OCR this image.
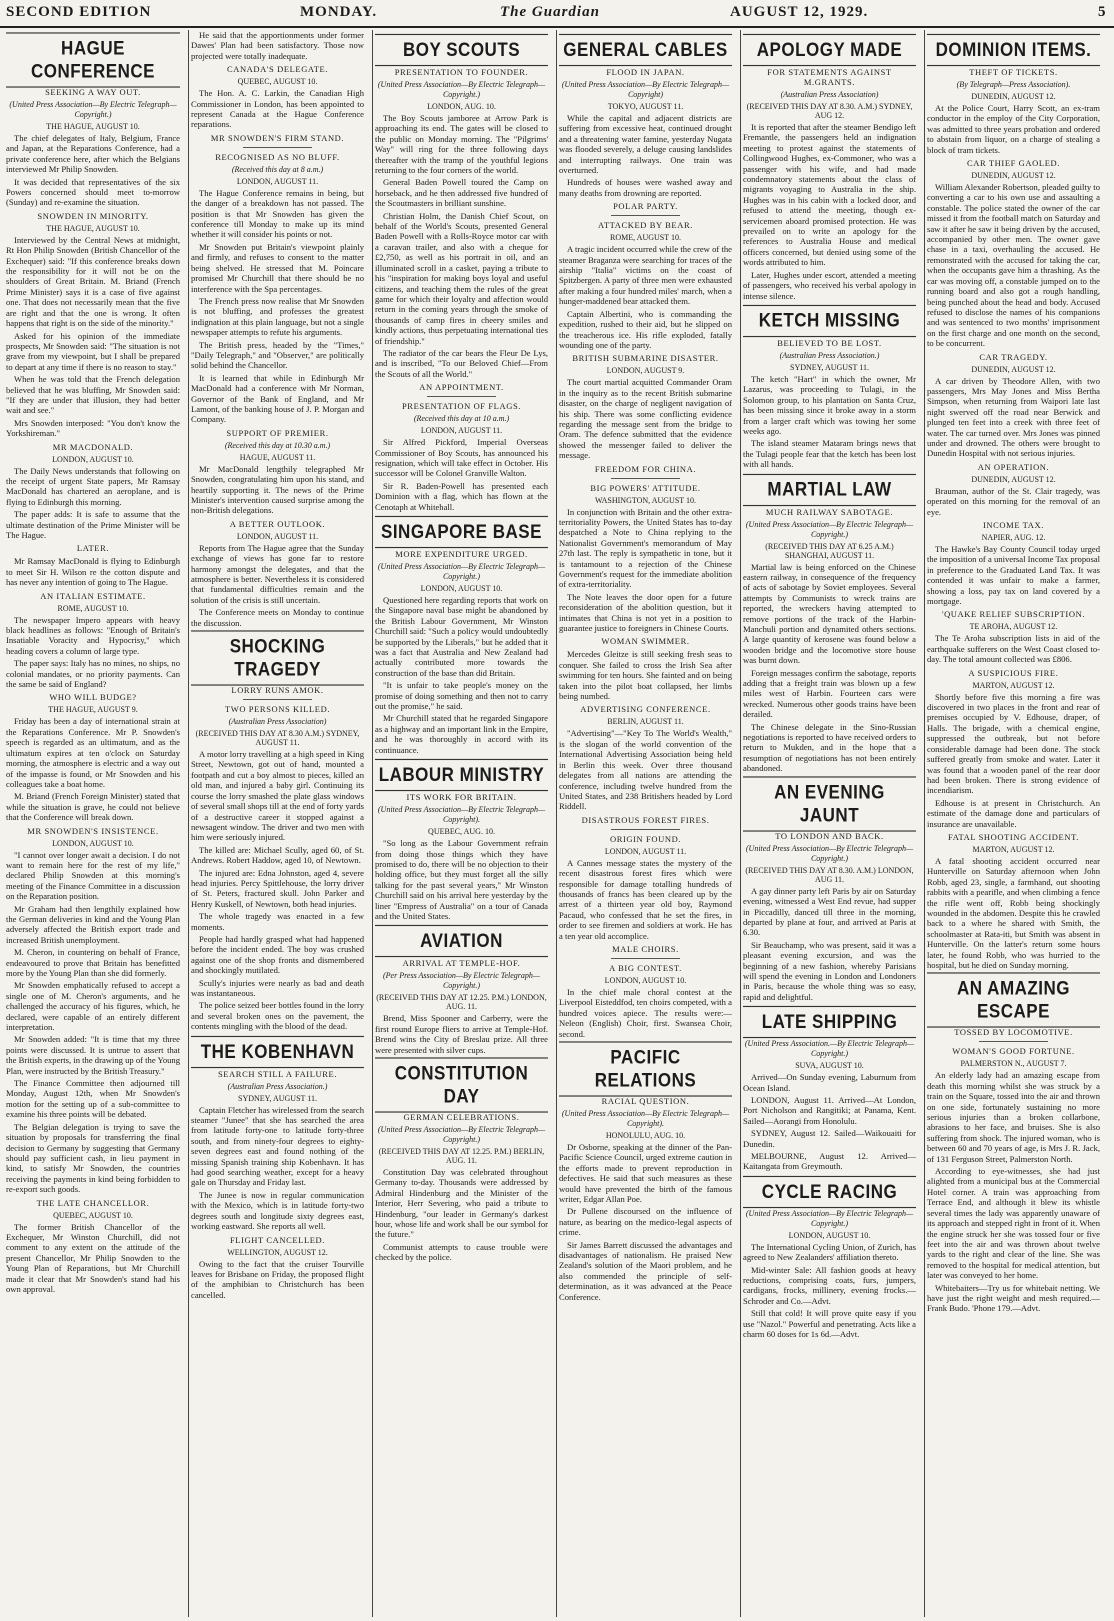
SECOND EDITION	MONDAY.	The Guardian	AUGUST 12, 1929.	5
HAGUE CONFERENCE
SEEKING A WAY OUT.
(United Press Association—By Electric Telegraph—Copyright.)
THE HAGUE, AUGUST 10.

The chief delegates of Italy, Belgium, France and Japan, at the Reparations Conference, had a private conference here, after which the Belgians interviewed Mr Philip Snowden.

It was decided that representatives of the six Powers concerned should meet to-morrow (Sunday) and re-examine the situation.

SNOWDEN IN MINORITY.
THE HAGUE, AUGUST 10.

Interviewed by the Central News at midnight, Rt Hon Philip Snowden (British Chancellor of the Exchequer) said: "If this conference breaks down the responsibility for it will not be on the shoulders of Great Britain. M. Briand (French Prime Minister) says it is a case of five against one. That does not necessarily mean that the five are right and that the one is wrong. It often happens that right is on the side of the minority."

Asked for his opinion of the immediate prospects, Mr Snowden said: "The situation is not grave from my viewpoint, but I shall be prepared to depart at any time if there is no reason to stay."

When he was told that the French delegation believed that he was bluffing, Mr Snowden said: "If they are under that illusion, they had better wait and see."

Mrs Snowden interposed: "You don't know the Yorkshireman."

MR MACDONALD.
LONDON, AUGUST 10.

The Daily News understands that following on the receipt of urgent State papers, Mr Ramsay MacDonald has chartered an aeroplane, and is flying to Edinburgh this morning.

The paper adds: It is safe to assume that the ultimate destination of the Prime Minister will be The Hague.

LATER.

Mr Ramsay MacDonald is flying to Edinburgh to meet Sir H. Wilson re the cotton dispute and has never any intention of going to The Hague.

AN ITALIAN ESTIMATE.
ROME, AUGUST 10.

The newspaper Impero appears with heavy black headlines as follows: "Enough of Britain's Insatiable Voracity and Hypocrisy," which heading covers a column of large type.

The paper says: Italy has no mines, no ships, no colonial mandates, or no priority payments. Can the same be said of England?

WHO WILL BUDGE?
THE HAGUE, AUGUST 9.

Friday has been a day of international strain at the Reparations Conference. Mr P. Snowden's speech is regarded as an ultimatum, and as the ultimatum expires at ten o'clock on Saturday morning, the atmosphere is electric and a way out of the impasse is found, or Mr Snowden and his colleagues take a boat home.

M. Briand (French Foreign Minister) stated that while the situation is grave, he could not believe that the Conference will break down.

MR SNOWDEN'S INSISTENCE.
LONDON, AUGUST 10.

"I cannot over longer await a decision. I do not want to remain here for the rest of my life," declared Philip Snowden at this morning's meeting of the Finance Committee in a discussion on the Reparation position.

Mr Graham had then lengthily explained how the German deliveries in kind and the Young Plan adversely affected the British export trade and increased British unemployment.

M. Cheron, in countering on behalf of France, endeavoured to prove that Britain has benefitted more by the Young Plan than she did formerly.

Mr Snowden emphatically refused to accept a single one of M. Cheron's arguments, and he challenged the accuracy of his figures, which, he declared, were capable of an entirely different interpretation.

Mr Snowden added: "It is time that my three points were discussed. It is untrue to assert that the British experts, in the drawing up of the Young Plan, were instructed by the British Treasury."

The Finance Committee then adjourned till Monday, August 12th, when Mr Snowden's motion for the setting up of a sub-committee to examine his three points will be debated.

The Belgian delegation is trying to save the situation by proposals for transferring the final decision to Germany by suggesting that Germany should pay sufficient cash, in lieu payment in kind, to satisfy Mr Snowden, the countries receiving the payments in kind being forbidden to re-export such goods.

THE LATE CHANCELLOR.
QUEBEC, AUGUST 10.

The former British Chancellor of the Exchequer, Mr Winston Churchill, did not comment to any extent on the attitude of the present Chancellor, Mr Philip Snowden to the Young Plan of Reparations, but Mr Churchill made it clear that Mr Snowden's stand had his own approval.

He said that the apportionments under former Dawes' Plan had been satisfactory. Those now projected were totally inadequate.

CANADA'S DELEGATE.
QUEBEC, AUGUST 10.

The Hon. A. C. Larkin, the Canadian High Commissioner in London, has been appointed to represent Canada at the Hague Conference reparations.

MR SNOWDEN'S FIRM STAND.
RECOGNISED AS NO BLUFF.
(Received this day at 8 a.m.)
LONDON, AUGUST 11.

The Hague Conference remains in being, but the danger of a breakdown has not passed. The position is that Mr Snowden has given the conference till Monday to make up its mind whether it will consider his points or not.

Mr Snowden put Britain's viewpoint plainly and firmly, and refuses to consent to the matter being shelved. He stressed that M. Poincare promised Mr Churchill that there should be no interference with the Spa percentages.

The French press now realise that Mr Snowden is not bluffing, and professes the greatest indignation at this plain language, but not a single newspaper attempts to refute his arguments.

The British press, headed by the "Times," "Daily Telegraph," and "Observer," are politically solid behind the Chancellor.

It is learned that while in Edinburgh Mr MacDonald had a conference with Mr Norman, Governor of the Bank of England, and Mr Lamont, of the banking house of J. P. Morgan and Company.

SUPPORT OF PREMIER.
(Received this day at 10.30 a.m.)
HAGUE, AUGUST 11.

Mr MacDonald lengthily telegraphed Mr Snowden, congratulating him upon his stand, and heartily supporting it. The news of the Prime Minister's intervention caused surprise among the non-British delegations.

A BETTER OUTLOOK.
LONDON, AUGUST 11.

Reports from The Hague agree that the Sunday exchange of views has gone far to restore harmony amongst the delegates, and that the atmosphere is better. Nevertheless it is considered that fundamental difficulties remain and the solution of the crisis is still uncertain.

The Conference meets on Monday to continue the discussion.

SHOCKING TRAGEDY
LORRY RUNS AMOK.
TWO PERSONS KILLED.
(Australian Press Association)
(RECEIVED THIS DAY AT 8.30 A.M.) SYDNEY, AUGUST 11.

A motor lorry travelling at a high speed in King Street, Newtown, got out of hand, mounted a footpath and cut a boy almost to pieces, killed an old man, and injured a baby girl. Continuing its course the lorry smashed the plate glass windows of several small shops till at the end of forty yards of a destructive career it stopped against a newsagent window. The driver and two men with him were seriously injured.

The killed are: Michael Scully, aged 60, of St. Andrews. Robert Haddow, aged 10, of Newtown.

The injured are: Edna Johnston, aged 4, severe head injuries. Percy Spittlehouse, the lorry driver of St. Peters, fractured skull. John Parker and Henry Kuskell, of Newtown, both head injuries.

The whole tragedy was enacted in a few moments.

People had hardly grasped what had happened before the incident ended. The boy was crushed against one of the shop fronts and dismembered and shockingly mutilated.

Scully's injuries were nearly as bad and death was instantaneous.

The police seized beer bottles found in the lorry and several broken ones on the pavement, the contents mingling with the blood of the dead.

THE KOBENHAVN
SEARCH STILL A FAILURE.
(Australian Press Association.)
SYDNEY, AUGUST 11.

Captain Fletcher has wirelessed from the search steamer "Junee" that she has searched the area from latitude forty-one to latitude forty-three south, and from ninety-four degrees to eighty-seven degrees east and found nothing of the missing Spanish training ship Kobenhavn. It has had good searching weather, except for a heavy gale on Thursday and Friday last.

The Junee is now in regular communication with the Mexico, which is in latitude forty-two degrees south and longitude sixty degrees east, working eastward. She reports all well.

FLIGHT CANCELLED.
WELLINGTON, AUGUST 12.

Owing to the fact that the cruiser Tourville leaves for Brisbane on Friday, the proposed flight of the amphibian to Christchurch has been cancelled.

BOY SCOUTS
PRESENTATION TO FOUNDER.
(United Press Association—By Electric Telegraph—Copyright.)
LONDON, AUG. 10.

The Boy Scouts jamboree at Arrow Park is approaching its end. The gates will be closed to the public on Monday morning. The "Pilgrims' Way" will ring for the three following days thereafter with the tramp of the youthful legions returning to the four corners of the world.

General Baden Powell toured the Camp on horseback, and he then addressed five hundred of the Scoutmasters in brilliant sunshine.

Christian Holm, the Danish Chief Scout, on behalf of the World's Scouts, presented General Baden Powell with a Rolls-Royce motor car with a caravan trailer, and also with a cheque for £2,750, as well as his portrait in oil, and an illuminated scroll in a casket, paying a tribute to his "inspiration for making boys loyal and useful citizens, and teaching them the rules of the great game for which their loyalty and affection would return in the coming years through the smoke of thousands of camp fires in cheery smiles and kindly actions, thus perpetuating international ties of friendship."

The radiator of the car bears the Fleur De Lys, and is inscribed, "To our Beloved Chief—From the Scouts of all the World."

AN APPOINTMENT.
PRESENTATION OF FLAGS.
(Received this day at 10 a.m.)
LONDON, AUGUST 11.

Sir Alfred Pickford, Imperial Overseas Commissioner of Boy Scouts, has announced his resignation, which will take effect in October. His successor will be Colonel Granville Walton.

Sir R. Baden-Powell has presented each Dominion with a flag, which has flown at the Cenotaph at Whitehall.

SINGAPORE BASE
MORE EXPENDITURE URGED.
(United Press Association—By Electric Telegraph—Copyright.)
LONDON, AUGUST 10.

Questioned here regarding reports that work on the Singapore naval base might be abandoned by the British Labour Government, Mr Winston Churchill said: "Such a policy would undoubtedly be supported by the Liberals," but he added that it was a fact that Australia and New Zealand had actually contributed more towards the construction of the base than did Britain.

"It is unfair to take people's money on the promise of doing something and then not to carry out the promise," he said.

Mr Churchill stated that he regarded Singapore as a highway and an important link in the Empire, and he was thoroughly in accord with its continuance.

LABOUR MINISTRY
ITS WORK FOR BRITAIN.
(United Press Association—By Electric Telegraph—Copyright).
QUEBEC, AUG. 10.

"So long as the Labour Government refrain from doing those things which they have promised to do, there will be no objection to their holding office, but they must forget all the silly talking for the past several years," Mr Winston Churchill said on his arrival here yesterday by the liner "Empress of Australia" on a tour of Canada and the United States.

AVIATION
ARRIVAL AT TEMPLE-HOF.
(Per Press Association—By Electric Telegraph—Copyright.)
(RECEIVED THIS DAY AT 12.25. P.M.) LONDON, AUG. 11.

Brend, Miss Spooner and Carberry, were the first round Europe fliers to arrive at Temple-Hof. Brend wins the City of Breslau prize. All three were presented with silver cups.

CONSTITUTION DAY
GERMAN CELEBRATIONS.
(United Press Association—By Electric Telegraph—Copyright.)
(RECEIVED THIS DAY AT 12.25. P.M.) BERLIN, AUG. 11.

Constitution Day was celebrated throughout Germany to-day. Thousands were addressed by Admiral Hindenburg and the Minister of the Interior, Herr Severing, who paid a tribute to Hindenburg, "our leader in Germany's darkest hour, whose life and work shall be our symbol for the future."

Communist attempts to cause trouble were checked by the police.

GENERAL CABLES
FLOOD IN JAPAN.
(United Press Association—By Electric Telegraph—Copyright)
TOKYO, AUGUST 11.

While the capital and adjacent districts are suffering from excessive heat, continued drought and a threatening water famine, yesterday Nugata was flooded severely, a deluge causing landslides and interrupting railways. One train was overturned.

Hundreds of houses were washed away and many deaths from drowning are reported.

POLAR PARTY.
ATTACKED BY BEAR.
ROME, AUGUST 10.

A tragic incident occurred while the crew of the steamer Braganza were searching for traces of the airship "Italia" victims on the coast of Spitzbergen. A party of three men were exhausted after making a four hundred miles' march, when a hunger-maddened bear attacked them.

Captain Albertini, who is commanding the expedition, rushed to their aid, but he slipped on the treacherous ice. His rifle exploded, fatally wounding one of the party.

BRITISH SUBMARINE DISASTER.
LONDON, AUGUST 9.

The court martial acquitted Commander Oram in the inquiry as to the recent British submarine disaster, on the charge of negligent navigation of his ship. There was some conflicting evidence regarding the message sent from the bridge to Oram. The defence submitted that the evidence showed the messenger failed to deliver the message.

FREEDOM FOR CHINA.
BIG POWERS' ATTITUDE.
WASHINGTON, AUGUST 10.

In conjunction with Britain and the other extra-territoriality Powers, the United States has to-day despatched a Note to China replying to the Nationalist Government's memorandum of May 27th last. The reply is sympathetic in tone, but it is tantamount to a rejection of the Chinese Government's request for the immediate abolition of extra-territoriality.

The Note leaves the door open for a future reconsideration of the abolition question, but it intimates that China is not yet in a position to guarantee justice to foreigners in Chinese Courts.

WOMAN SWIMMER.

Mercedes Gleitze is still seeking fresh seas to conquer. She failed to cross the Irish Sea after swimming for ten hours. She fainted and on being taken into the pilot boat collapsed, her limbs being numbed.

ADVERTISING CONFERENCE.
BERLIN, AUGUST 11.

"Advertising"—"Key To The World's Wealth," is the slogan of the world convention of the International Advertising Association being held in Berlin this week. Over three thousand delegates from all nations are attending the conference, including twelve hundred from the United States, and 238 Britishers headed by Lord Riddell.

DISASTROUS FOREST FIRES.
ORIGIN FOUND.
LONDON, AUGUST 11.

A Cannes message states the mystery of the recent disastrous forest fires which were responsible for damage totalling hundreds of thousands of francs has been cleared up by the arrest of a thirteen year old boy, Raymond Pacaud, who confessed that he set the fires, in order to see firemen and soldiers at work. He has a ten year old accomplice.

MALE CHOIRS.
A BIG CONTEST.
LONDON, AUGUST 10.

In the chief male choral contest at the Liverpool Eisteddfod, ten choirs competed, with a hundred voices apiece. The results were:—Neleon (English) Choir, first. Swansea Choir, second.

PACIFIC RELATIONS
RACIAL QUESTION.
(United Press Association—By Electric Telegraph—Copyright).
HONOLULU, AUG. 10.

Dr Osborne, speaking at the dinner of the Pan-Pacific Science Council, urged extreme caution in the efforts made to prevent reproduction in defectives. He said that such measures as these would have prevented the birth of the famous writer, Edgar Allan Poe.

Dr Pullene discoursed on the influence of nature, as bearing on the medico-legal aspects of crime.

Sir James Barrett discussed the advantages and disadvantages of nationalism. He praised New Zealand's solution of the Maori problem, and he also commended the principle of self-determination, as it was advanced at the Peace Conference.

APOLOGY MADE
FOR STATEMENTS AGAINST M.GRANTS.
(Australian Press Association)
(RECEIVED THIS DAY AT 8.30. A.M.) SYDNEY, AUG 12.

It is reported that after the steamer Bendigo left Fremantle, the passengers held an indignation meeting to protest against the statements of Collingwood Hughes, ex-Commoner, who was a passenger with his wife, and had made condemnatory statements about the class of migrants voyaging to Australia in the ship. Hughes was in his cabin with a locked door, and refused to attend the meeting, though ex-servicemen aboard promised protection. He was prevailed on to write an apology for the references to Australia House and medical officers concerned, but denied using some of the words attributed to him.

Later, Hughes under escort, attended a meeting of passengers, who received his verbal apology in intense silence.

KETCH MISSING
BELIEVED TO BE LOST.
(Australian Press Association.)
SYDNEY, AUGUST 11.

The ketch "Hart" in which the owner, Mr Lazarus, was proceeding to Tulagi, in the Solomon group, to his plantation on Santa Cruz, has been missing since it broke away in a storm from a larger craft which was towing her some weeks ago.

The island steamer Mataram brings news that the Tulagi people fear that the ketch has been lost with all hands.

MARTIAL LAW
MUCH RAILWAY SABOTAGE.
(United Press Association—By Electric Telegraph—Copyright.)
(RECEIVED THIS DAY AT 6.25 A.M.) SHANGHAI, AUGUST 11.

Martial law is being enforced on the Chinese eastern railway, in consequence of the frequency of acts of sabotage by Soviet employees. Several attempts by Communists to wreck trains are reported, the wreckers having attempted to remove portions of the track of the Harbin-Manchuli portion and dynamited others sections. A large quantity of kerosene was found below a wooden bridge and the locomotive store house was burnt down.

Foreign messages confirm the sabotage, reports adding that a freight train was blown up a few miles west of Harbin. Fourteen cars were wrecked. Numerous other goods trains have been derailed.

The Chinese delegate in the Sino-Russian negotiations is reported to have received orders to return to Mukden, and in the hope that a resumption of negotiations has not been entirely abandoned.

AN EVENING JAUNT
TO LONDON AND BACK.
(United Press Association—By Electric Telegraph—Copyright.)
(RECEIVED THIS DAY AT 8.30. A.M.) LONDON, AUG 11.

A gay dinner party left Paris by air on Saturday evening, witnessed a West End revue, had supper in Piccadilly, danced till three in the morning, departed by plane at four, and arrived at Paris at 6.30.

Sir Beauchamp, who was present, said it was a pleasant evening excursion, and was the beginning of a new fashion, whereby Parisians will spend the evening in London and Londoners in Paris, because the whole thing was so easy, rapid and delightful.

LATE SHIPPING
(United Press Association.—By Electric Telegraph—Copyright.)
SUVA, AUGUST 10.

Arrived—On Sunday evening, Laburnum from Ocean Island.

LONDON, August 11. Arrived—At London, Port Nicholson and Rangitiki; at Panama, Kent. Sailed—Aorangi from Honolulu.

SYDNEY, August 12. Sailed—Waikouaiti for Dunedin.

MELBOURNE, August 12. Arrived—Kaitangata from Greymouth.

CYCLE RACING
(United Press Association—By Electric Telegraph—Copyright.)
LONDON, AUGUST 10.

The International Cycling Union, of Zurich, has agreed to New Zealanders' affiliation thereto.

Mid-winter Sale: All fashion goods at heavy reductions, comprising coats, furs, jumpers, cardigans, frocks, millinery, evening frocks.—Schroder and Co.—Advt.

Still that cold! It will prove quite easy if you use "Nazol." Powerful and penetrating. Acts like a charm 60 doses for 1s 6d.—Advt.

DOMINION ITEMS.
THEFT OF TICKETS.
(By Telegraph—Press Association).
DUNEDIN, AUGUST 12.

At the Police Court, Harry Scott, an ex-tram conductor in the employ of the City Corporation, was admitted to three years probation and ordered to abstain from liquor, on a charge of stealing a block of tram tickets.

CAR THIEF GAOLED.
DUNEDIN, AUGUST 12.

William Alexander Robertson, pleaded guilty to converting a car to his own use and assaulting a constable. The police stated the owner of the car missed it from the football match on Saturday and saw it after he saw it being driven by the accused, accompanied by other men. The owner gave chase in a taxi, overhauling the accused. He remonstrated with the accused for taking the car, when the occupants gave him a thrashing. As the car was moving off, a constable jumped on to the running board and also got a rough handling, being punched about the head and body. Accused refused to disclose the names of his companions and was sentenced to two months' imprisonment on the first charge and one month on the second, to be concurrent.

CAR TRAGEDY.
DUNEDIN, AUGUST 12.

A car driven by Theodore Allen, with two passengers, Mrs May Jones and Miss Bertha Simpson, when returning from Waipori late last night swerved off the road near Berwick and plunged ten feet into a creek with three feet of water. The car turned over. Mrs Jones was pinned under and drowned. The others were brought to Dunedin Hospital with not serious injuries.

AN OPERATION.
DUNEDIN, AUGUST 12.

Brauman, author of the St. Clair tragedy, was operated on this morning for the removal of an eye.

INCOME TAX.
NAPIER, AUG. 12.

The Hawke's Bay County Council today urged the imposition of a universal Income Tax proposal in preference to the Graduated Land Tax. It was contended it was unfair to make a farmer, showing a loss, pay tax on land covered by a mortgage.

'QUAKE RELIEF SUBSCRIPTION.
TE AROHA, AUGUST 12.

The Te Aroha subscription lists in aid of the earthquake sufferers on the West Coast closed to-day. The total amount collected was £806.

A SUSPICIOUS FIRE.
MARTON, AUGUST 12.

Shortly before five this morning a fire was discovered in two places in the front and rear of premises occupied by V. Edhouse, draper, of Halls. The brigade, with a chemical engine, suppressed the outbreak, but not before considerable damage had been done. The stock suffered greatly from smoke and water. Later it was found that a wooden panel of the rear door had been broken. There is strong evidence of incendiarism.

Edhouse is at present in Christchurch. An estimate of the damage done and particulars of insurance are unavailable.

FATAL SHOOTING ACCIDENT.
MARTON, AUGUST 12.

A fatal shooting accident occurred near Hunterville on Saturday afternoon when John Robb, aged 23, single, a farmhand, out shooting rabbits with a pearifle, and when climbing a fence the rifle went off, Robb being shockingly wounded in the abdomen. Despite this he crawled back to a where he shared with Smith, the schoolmaster at Rata-iti, but Smith was absent in Hunterville. On the latter's return some hours later, he found Robb, who was hurried to the hospital, but he died on Sunday morning.

AN AMAZING ESCAPE
TOSSED BY LOCOMOTIVE.
WOMAN'S GOOD FORTUNE.
PALMERSTON N., AUGUST 7.

An elderly lady had an amazing escape from death this morning whilst she was struck by a train on the Square, tossed into the air and thrown on one side, fortunately sustaining no more serious injuries than a broken collarbone, abrasions to her face, and bruises. She is also suffering from shock. The injured woman, who is between 60 and 70 years of age, is Mrs J. R. Jack, of 131 Ferguson Street, Palmerston North.

According to eye-witnesses, she had just alighted from a municipal bus at the Commercial Hotel corner. A train was approaching from Terrace End, and although it blew its whistle several times the lady was apparently unaware of its approach and stepped right in front of it. When the engine struck her she was tossed four or five feet into the air and was thrown about twelve yards to the right and clear of the line. She was removed to the hospital for medical attention, but later was conveyed to her home.

Whitebaiters—Try us for whitebait netting. We have just the right weight and mesh required.—Frank Budo. 'Phone 179.—Advt.
